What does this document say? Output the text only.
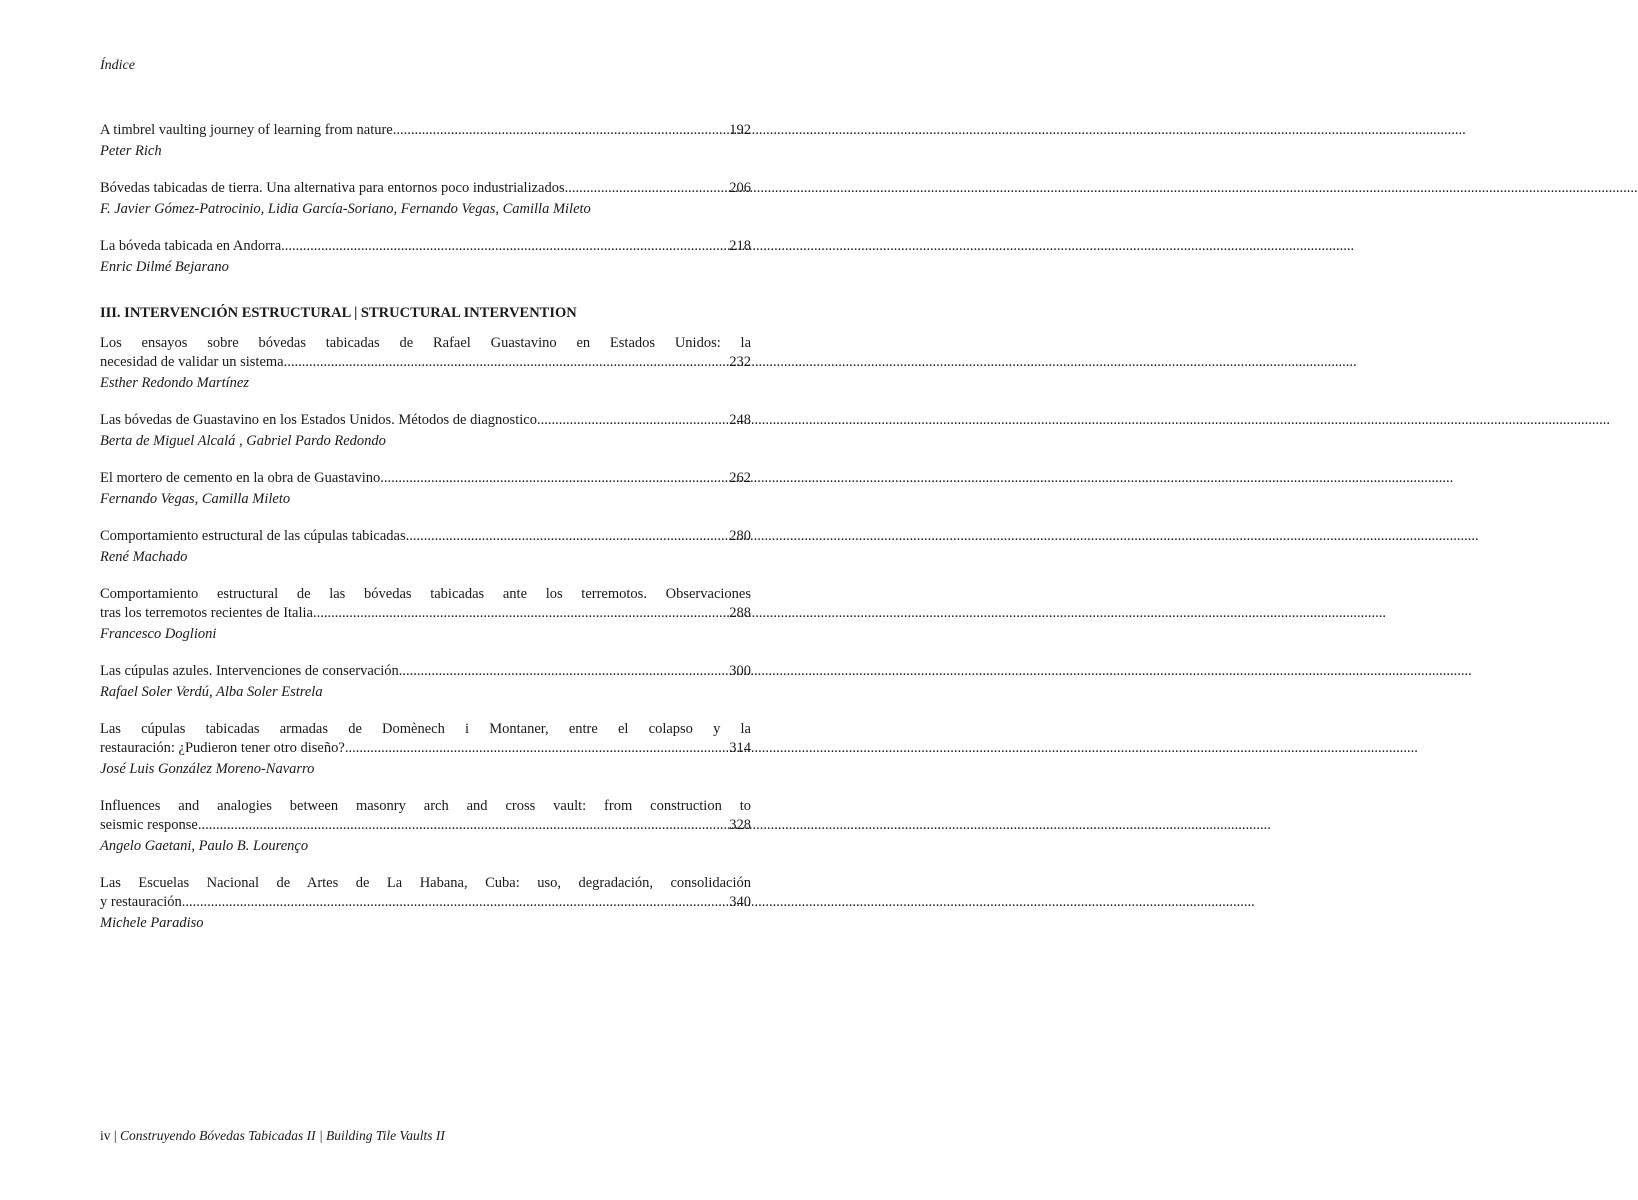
Índice
A timbrel vaulting journey of learning from nature .....	192
Peter Rich
Bóvedas tabicadas de tierra. Una alternativa para entornos poco industrializados .....	206
F. Javier Gómez-Patrocinio, Lidia García-Soriano, Fernando Vegas, Camilla Mileto
La bóveda tabicada en Andorra .....	218
Enric Dilmé Bejarano
III. INTERVENCIÓN ESTRUCTURAL | STRUCTURAL INTERVENTION
Los ensayos sobre bóvedas tabicadas de Rafael Guastavino en Estados Unidos: la
necesidad de validar un sistema .....	232
Esther Redondo Martínez
Las bóvedas de Guastavino en los Estados Unidos. Métodos de diagnostico .....	248
Berta de Miguel Alcalá , Gabriel Pardo Redondo
El mortero de cemento en la obra de Guastavino .....	262
Fernando Vegas, Camilla Mileto
Comportamiento estructural de las cúpulas tabicadas .....	280
René Machado
Comportamiento estructural de las bóvedas tabicadas ante los terremotos. Observaciones
tras los terremotos recientes de Italia .....	288
Francesco Doglioni
Las cúpulas azules. Intervenciones de conservación .....	300
Rafael Soler Verdú, Alba Soler Estrela
Las cúpulas tabicadas armadas de Domènech i Montaner, entre el colapso y la
restauración: ¿Pudieron tener otro diseño? .....	314
José Luis González Moreno-Navarro
Influences and analogies between masonry arch and cross vault: from construction to
seismic response .....	328
Angelo Gaetani, Paulo B. Lourenço
Las Escuelas Nacional de Artes de La Habana, Cuba: uso, degradación, consolidación
y restauración .....	340
Michele Paradiso
iv | Construyendo Bóvedas Tabicadas II | Building Tile Vaults II
